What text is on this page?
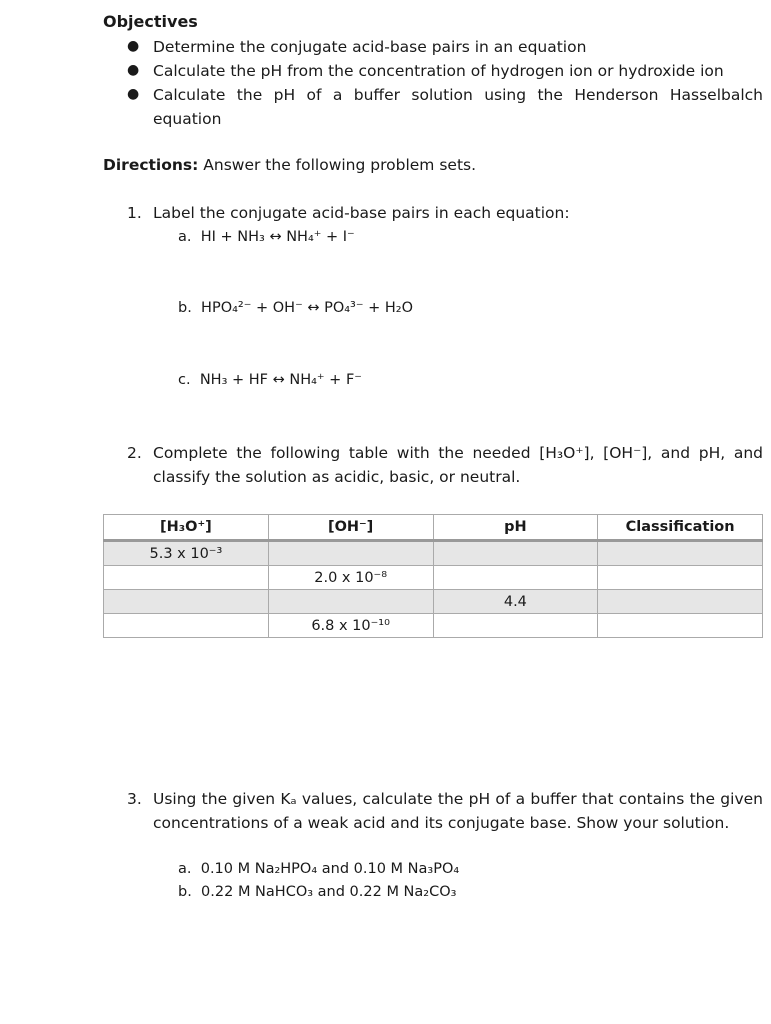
Objectives
● Determine the conjugate acid-base pairs in an equation
● Calculate the pH from the concentration of hydrogen ion or hydroxide ion
● Calculate the pH of a buffer solution using the Henderson Hasselbalch equation
Directions: Answer the following problem sets.
1. Label the conjugate acid-base pairs in each equation:
a. HI + NH₃ ↔ NH₄⁺ + I⁻
b. HPO₄²⁻ + OH⁻ ↔ PO₄³⁻ + H₂O
c. NH₃ + HF ↔ NH₄⁺ + F⁻
2. Complete the following table with the needed [H₃O⁺], [OH⁻], and pH, and classify the solution as acidic, basic, or neutral.
[H₃O⁺]	[OH⁻]	pH	Classification
5.3 x 10⁻³			
	2.0 x 10⁻⁸		
		4.4	
	6.8 x 10⁻¹⁰		
3. Using the given Kₐ values, calculate the pH of a buffer that contains the given concentrations of a weak acid and its conjugate base. Show your solution.
a. 0.10 M Na₂HPO₄ and 0.10 M Na₃PO₄
b. 0.22 M NaHCO₃ and 0.22 M Na₂CO₃
